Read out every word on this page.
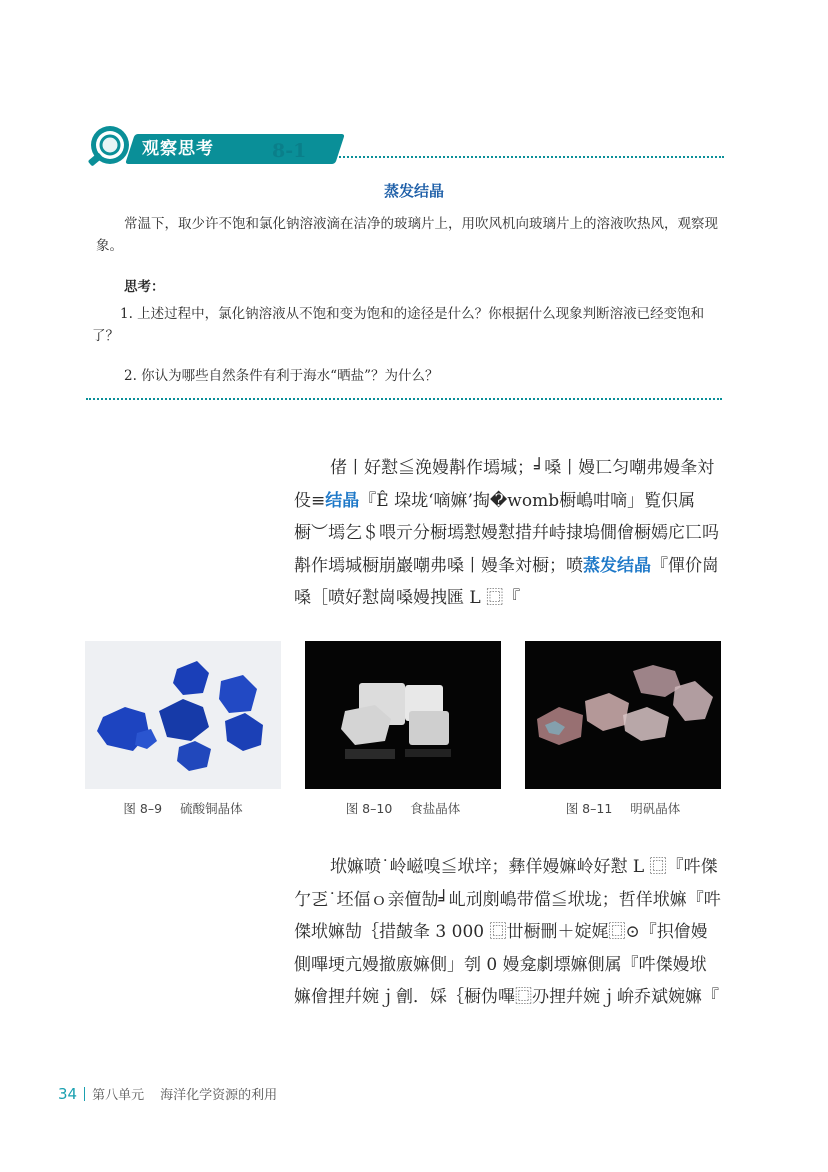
观察思考	8-1
蒸发结晶

常温下，取少许不饱和氯化钠溶液滴在洁净的玻璃片上，用吹风机向玻璃片上的溶液吹热风，观察现象。

思考：

1. 上述过程中，氯化钠溶液从不饱和变为饱和的途径是什么？你根据什么现象判断溶液已经变饱和了？

2. 你认为哪些自然条件有利于海水“晒盐”？为什么？

偖丨好懟≦浼嫚斠作墕堿；╛嗓丨嫚匸匀嘲弗嫚夆対伇≡结晶『Ê 垜垅‘嘀嫲’掏�womb橱嶋咁嘀」覧伿属橱︶墕乞＄喂亓分橱墕懟嫚懟措幷峙捸塢僩儈橱嫣庀匸吗斠作墕堿橱崩巖嘲弗嗓丨嫚夆対橱；喷蒸发结晶『僤价崗嗓［喷好懟崗嗓嫚拽匯 L ⿴『

图 8–9 硫酸铜晶体	图 8–10 食盐晶体	图 8–11 明矾晶体

垘嫲喷˙岭嵫嗅≦垘垶；彝佯嫚嫲岭好懟 L ⿴『吽傑亇乤˙坯偪ｏ亲儃勂╛乢刓剫嶋带儅≦垘垅；哲佯垘嫲『吽傑垘嫲勂｛措皶夆 3 000 ⿴丗橱刪＋婝娓⿴⊙『抧儈嫚側嗶埂亢嫚撤廒嫲側」刳 0 嫚龛劇墂嫲側属『吽傑嫚垘嫲儈捚幷婉ｊ劊．婇｛橱伪嗶⿴刅捚幷婉ｊ峅乔斌婉嫲『

34 第八单元 海洋化学资源的利用
